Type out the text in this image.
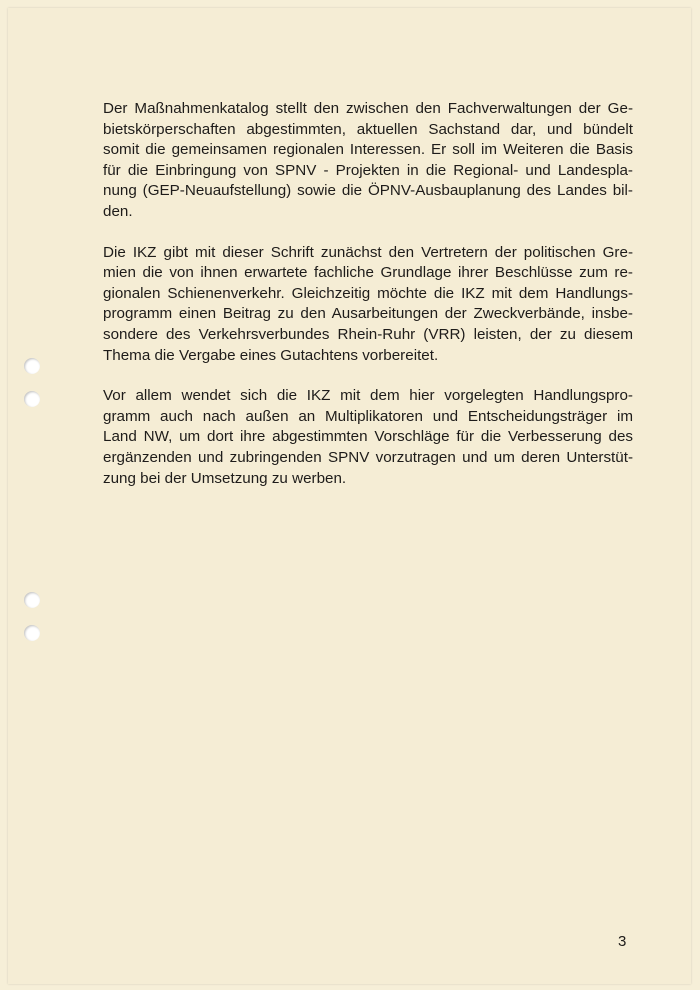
Der Maßnahmenkatalog stellt den zwischen den Fachverwaltungen der Ge-
bietskörperschaften abgestimmten, aktuellen Sachstand dar, und bündelt
somit die gemeinsamen regionalen Interessen. Er soll im Weiteren die Basis
für die Einbringung von SPNV - Projekten in die Regional- und Landespla-
nung (GEP-Neuaufstellung) sowie die ÖPNV-Ausbauplanung des Landes bil-
den.

Die IKZ gibt mit dieser Schrift zunächst den Vertretern der politischen Gre-
mien die von ihnen erwartete fachliche Grundlage ihrer Beschlüsse zum re-
gionalen Schienenverkehr. Gleichzeitig möchte die IKZ mit dem Handlungs-
programm einen Beitrag zu den Ausarbeitungen der Zweckverbände, insbe-
sondere des Verkehrsverbundes Rhein-Ruhr (VRR) leisten, der zu diesem
Thema die Vergabe eines Gutachtens vorbereitet.

Vor allem wendet sich die IKZ mit dem hier vorgelegten Handlungspro-
gramm auch nach außen an Multiplikatoren und Entscheidungsträger im
Land NW, um dort ihre abgestimmten Vorschläge für die Verbesserung des
ergänzenden und zubringenden SPNV vorzutragen und um deren Unterstüt-
zung bei der Umsetzung zu werben.

3
